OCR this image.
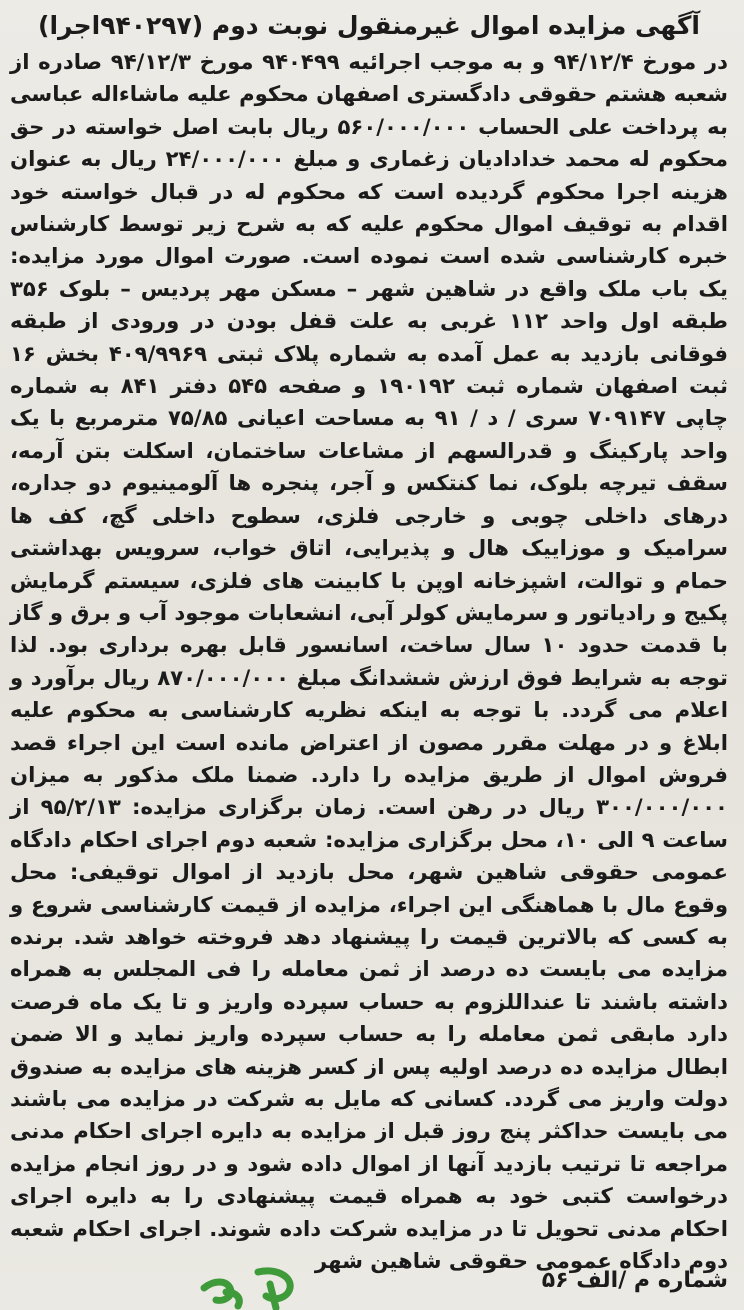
آگهی مزایده اموال غیرمنقول نوبت دوم (۹۴۰۲۹۷اجرا)

در مورخ ۹۴/۱۲/۴ و به موجب اجرائیه ۹۴۰۴۹۹ مورخ ۹۴/۱۲/۳ صادره از شعبه هشتم حقوقی دادگستری اصفهان محکوم علیه ماشاءاله عباسی به پرداخت علی الحساب ۵۶۰/۰۰۰/۰۰۰ ریال بابت اصل خواسته در حق محکوم له محمد خدادادیان زغماری و مبلغ ۲۴/۰۰۰/۰۰۰ ریال به عنوان هزینه اجرا محکوم گردیده است که محکوم له در قبال خواسته خود اقدام به توقیف اموال محکوم علیه که به شرح زیر توسط کارشناس خبره کارشناسی شده است نموده است. صورت اموال مورد مزایده: یک باب ملک واقع در شاهین شهر – مسکن مهر پردیس – بلوک ۳۵۶ طبقه اول واحد ۱۱۲ غربی به علت قفل بودن در ورودی از طبقه فوقانی بازدید به عمل آمده به شماره پلاک ثبتی ۴۰۹/۹۹۶۹ بخش ۱۶ ثبت اصفهان شماره ثبت ۱۹۰۱۹۲ و صفحه ۵۴۵ دفتر ۸۴۱ به شماره چاپی ۷۰۹۱۴۷ سری / د / ۹۱ به مساحت اعیانی ۷۵/۸۵ مترمربع با یک واحد پارکینگ و قدرالسهم از مشاعات ساختمان، اسکلت بتن آرمه، سقف تیرچه بلوک، نما کنتکس و آجر، پنجره ها آلومینیوم دو جداره، درهای داخلی چوبی و خارجی فلزی، سطوح داخلی گچ، کف ها سرامیک و موزاییک هال و پذیرایی، اتاق خواب، سرویس بهداشتی حمام و توالت، اشپزخانه اوپن با کابینت های فلزی، سیستم گرمایش پکیج و رادیاتور و سرمایش کولر آبی، انشعابات موجود آب و برق و گاز با قدمت حدود ۱۰ سال ساخت، اسانسور قابل بهره برداری بود. لذا توجه به شرایط فوق ارزش ششدانگ مبلغ ۸۷۰/۰۰۰/۰۰۰ ریال برآورد و اعلام می گردد. با توجه به اینکه نظریه کارشناسی به محکوم علیه ابلاغ و در مهلت مقرر مصون از اعتراض مانده است این اجراء قصد فروش اموال از طریق مزایده را دارد. ضمنا ملک مذکور به میزان ۳۰۰/۰۰۰/۰۰۰ ریال در رهن است. زمان برگزاری مزایده: ۹۵/۲/۱۳ از ساعت ۹ الی ۱۰، محل برگزاری مزایده: شعبه دوم اجرای احکام دادگاه عمومی حقوقی شاهین شهر، محل بازدید از اموال توقیفی: محل وقوع مال با هماهنگی این اجراء، مزایده از قیمت کارشناسی شروع و به کسی که بالاترین قیمت را پیشنهاد دهد فروخته خواهد شد. برنده مزایده می بایست ده درصد از ثمن معامله را فی المجلس به همراه داشته باشند تا عنداللزوم به حساب سپرده واریز و تا یک ماه فرصت دارد مابقی ثمن معامله را به حساب سپرده واریز نماید و الا ضمن ابطال مزایده ده درصد اولیه پس از کسر هزینه های مزایده به صندوق دولت واریز می گردد. کسانی که مایل به شرکت در مزایده می باشند می بایست حداکثر پنج روز قبل از مزایده به دایره اجرای احکام مدنی مراجعه تا ترتیب بازدید آنها از اموال داده شود و در روز انجام مزایده درخواست کتبی خود به همراه قیمت پیشنهادی را به دایره اجرای احکام مدنی تحویل تا در مزایده شرکت داده شوند. اجرای احکام شعبه دوم دادگاه عمومی حقوقی شاهین شهر

شماره م /الف ۵۶
